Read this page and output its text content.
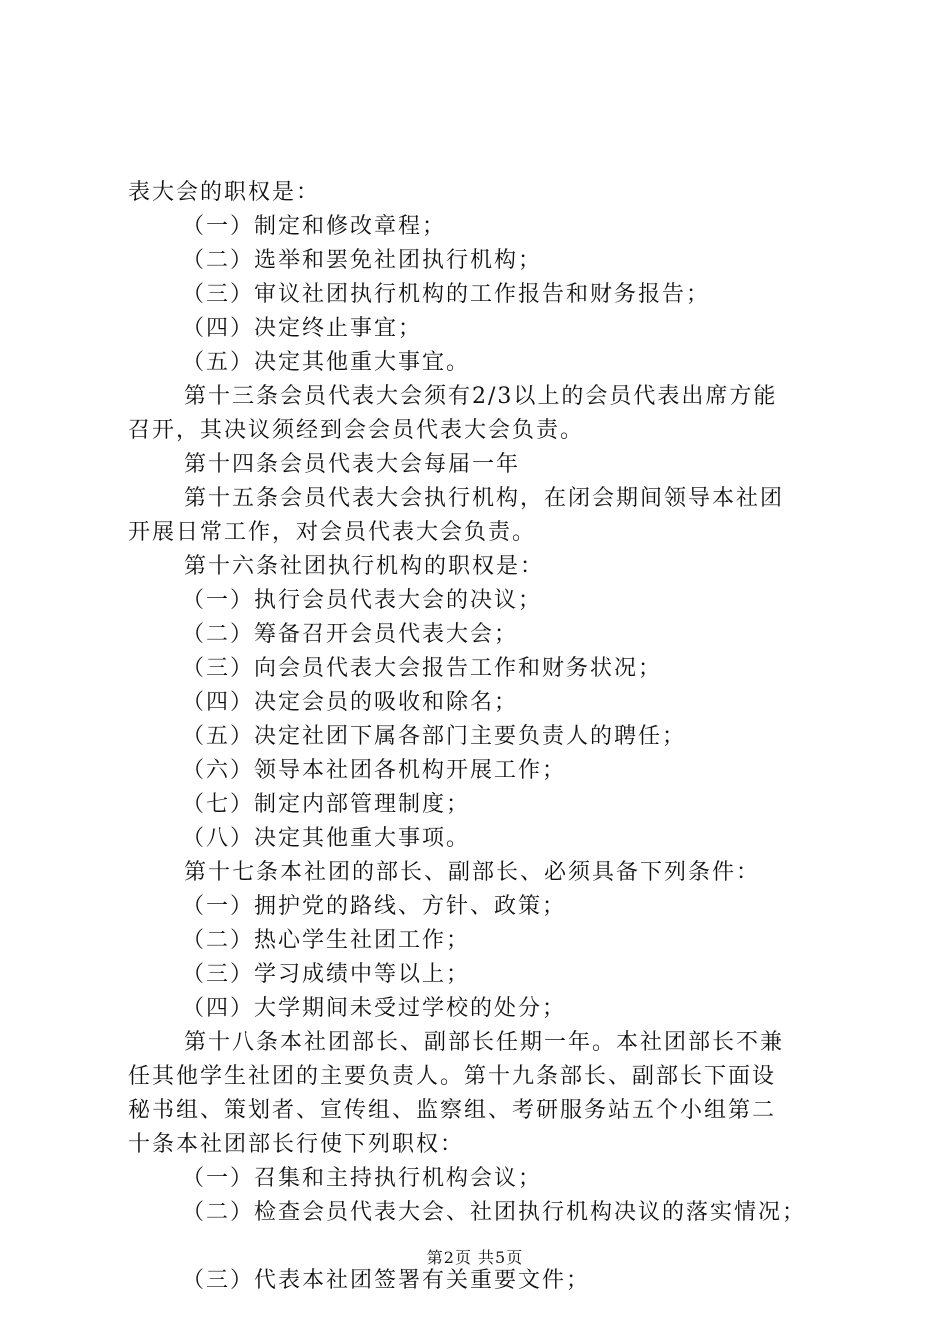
表大会的职权是：
（一）制定和修改章程；
（二）选举和罢免社团执行机构；
（三）审议社团执行机构的工作报告和财务报告；
（四）决定终止事宜；
（五）决定其他重大事宜。
第十三条会员代表大会须有2/3以上的会员代表出席方能
召开，其决议须经到会会员代表大会负责。
第十四条会员代表大会每届一年
第十五条会员代表大会执行机构，在闭会期间领导本社团
开展日常工作，对会员代表大会负责。
第十六条社团执行机构的职权是：
（一）执行会员代表大会的决议；
（二）筹备召开会员代表大会；
（三）向会员代表大会报告工作和财务状况；
（四）决定会员的吸收和除名；
（五）决定社团下属各部门主要负责人的聘任；
（六）领导本社团各机构开展工作；
（七）制定内部管理制度；
（八）决定其他重大事项。
第十七条本社团的部长、副部长、必须具备下列条件：
（一）拥护党的路线、方针、政策；
（二）热心学生社团工作；
（三）学习成绩中等以上；
（四）大学期间未受过学校的处分；
第十八条本社团部长、副部长任期一年。本社团部长不兼
任其他学生社团的主要负责人。第十九条部长、副部长下面设
秘书组、策划者、宣传组、监察组、考研服务站五个小组第二
十条本社团部长行使下列职权：
（一）召集和主持执行机构会议；
（二）检查会员代表大会、社团执行机构决议的落实情况；
（三）代表本社团签署有关重要文件；
第2页 共5页
